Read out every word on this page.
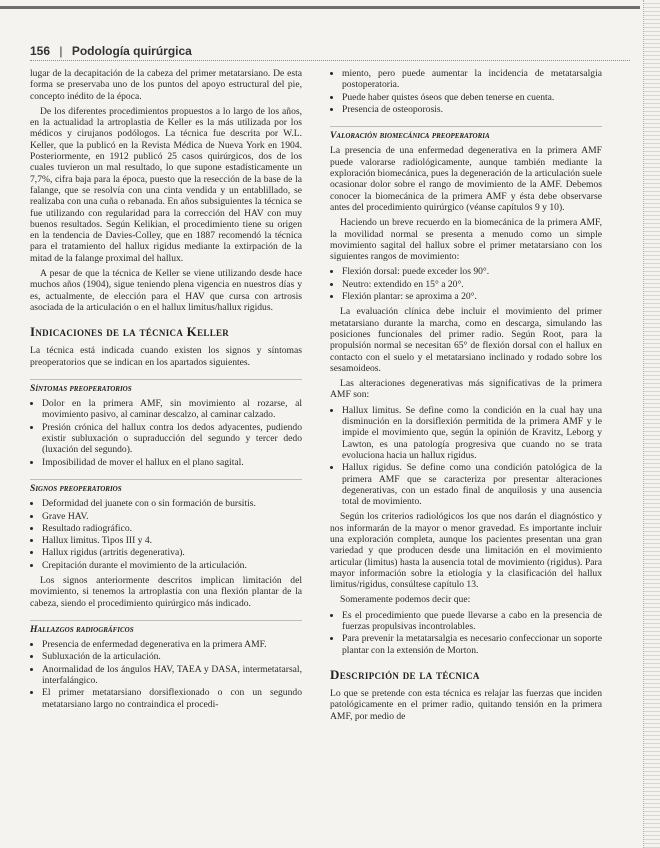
156 | Podología quirúrgica

lugar de la decapitación de la cabeza del primer metatarsiano. De esta forma se preservaba uno de los puntos del apoyo estructural del pie, concepto inédito de la época.

De los diferentes procedimientos propuestos a lo largo de los años, en la actualidad la artroplastia de Keller es la más utilizada por los médicos y cirujanos podólogos. La técnica fue descrita por W.L. Keller, que la publicó en la Revista Médica de Nueva York en 1904. Posteriormente, en 1912 publicó 25 casos quirúrgicos, dos de los cuales tuvieron un mal resultado, lo que supone estadísticamente un 7,7%, cifra baja para la época, puesto que la resección de la base de la falange, que se resolvía con una cinta vendida y un entablillado, se realizaba con una cuña o rebanada. En años subsiguientes la técnica se fue utilizando con regularidad para la corrección del HAV con muy buenos resultados. Según Kelikian, el procedimiento tiene su origen en la tendencia de Davies-Colley, que en 1887 recomendó la técnica para el tratamiento del hallux rigidus mediante la extirpación de la mitad de la falange proximal del hallux.

A pesar de que la técnica de Keller se viene utilizando desde hace muchos años (1904), sigue teniendo plena vigencia en nuestros días y es, actualmente, de elección para el HAV que cursa con artrosis asociada de la articulación o en el hallux limitus/hallux rigidus.

Indicaciones de la técnica Keller

La técnica está indicada cuando existen los signos y síntomas preoperatorios que se indican en los apartados siguientes.

Síntomas preoperatorios
• Dolor en la primera AMF, sin movimiento al rozarse, al movimiento pasivo, al caminar descalzo, al caminar calzado.
• Presión crónica del hallux contra los dedos adyacentes, pudiendo existir subluxación o supraducción del segundo y tercer dedo (luxación del segundo).
• Imposibilidad de mover el hallux en el plano sagital.
Signos preoperatorios
• Deformidad del juanete con o sin formación de bursitis.
• Grave HAV.
• Resultado radiográfico.
• Hallux limitus. Tipos III y 4.
• Hallux rigidus (artritis degenerativa).
• Crepitación durante el movimiento de la articulación.

Los signos anteriormente descritos implican limitación del movimiento, si tenemos la artroplastia con una flexión plantar de la cabeza, siendo el procedimiento quirúrgico más indicado.

Hallazgos radiográficos
• Presencia de enfermedad degenerativa en la primera AMF.
• Subluxación de la articulación.
• Anormalidad de los ángulos HAV, TAEA y DASA, intermetatarsal, interfalángico.
• El primer metatarsiano dorsiflexionado o con un segundo metatarsiano largo no contraindica el procedi-
• miento, pero puede aumentar la incidencia de metatarsalgia postoperatoria.
• Puede haber quistes óseos que deben tenerse en cuenta.
• Presencia de osteoporosis.
Valoración biomecánica preoperatoria

La presencia de una enfermedad degenerativa en la primera AMF puede valorarse radiológicamente, aunque también mediante la exploración biomecánica, pues la degeneración de la articulación suele ocasionar dolor sobre el rango de movimiento de la AMF. Debemos conocer la biomecánica de la primera AMF y ésta debe observarse antes del procedimiento quirúrgico (véanse capítulos 9 y 10).

Haciendo un breve recuerdo en la biomecánica de la primera AMF, la movilidad normal se presenta a menudo como un simple movimiento sagital del hallux sobre el primer metatarsiano con los siguientes rangos de movimiento:

• Flexión dorsal: puede exceder los 90°.
• Neutro: extendido en 15° a 20°.
• Flexión plantar: se aproxima a 20°.

La evaluación clínica debe incluir el movimiento del primer metatarsiano durante la marcha, como en descarga, simulando las posiciones funcionales del primer radio. Según Root, para la propulsión normal se necesitan 65° de flexión dorsal con el hallux en contacto con el suelo y el metatarsiano inclinado y rodado sobre los sesamoideos.

Las alteraciones degenerativas más significativas de la primera AMF son:

• Hallux limitus. Se define como la condición en la cual hay una disminución en la dorsiflexión permitida de la primera AMF y le impide el movimiento que, según la opinión de Kravitz, Leborg y Lawton, es una patología progresiva que cuando no se trata evoluciona hacia un hallux rigidus.
• Hallux rigidus. Se define como una condición patológica de la primera AMF que se caracteriza por presentar alteraciones degenerativas, con un estado final de anquilosis y una ausencia total de movimiento.

Según los criterios radiológicos los que nos darán el diagnóstico y nos informarán de la mayor o menor gravedad. Es importante incluir una exploración completa, aunque los pacientes presentan una gran variedad y que producen desde una limitación en el movimiento articular (limitus) hasta la ausencia total de movimiento (rigidus). Para mayor información sobre la etiología y la clasificación del hallux limitus/rigidus, consúltese capítulo 13.

Someramente podemos decir que:

• Es el procedimiento que puede llevarse a cabo en la presencia de fuerzas propulsivas incontrolables.
• Para prevenir la metatarsalgia es necesario confeccionar un soporte plantar con la extensión de Morton.
Descripción de la técnica

Lo que se pretende con esta técnica es relajar las fuerzas que inciden patológicamente en el primer radio, quitando tensión en la primera AMF, por medio de
